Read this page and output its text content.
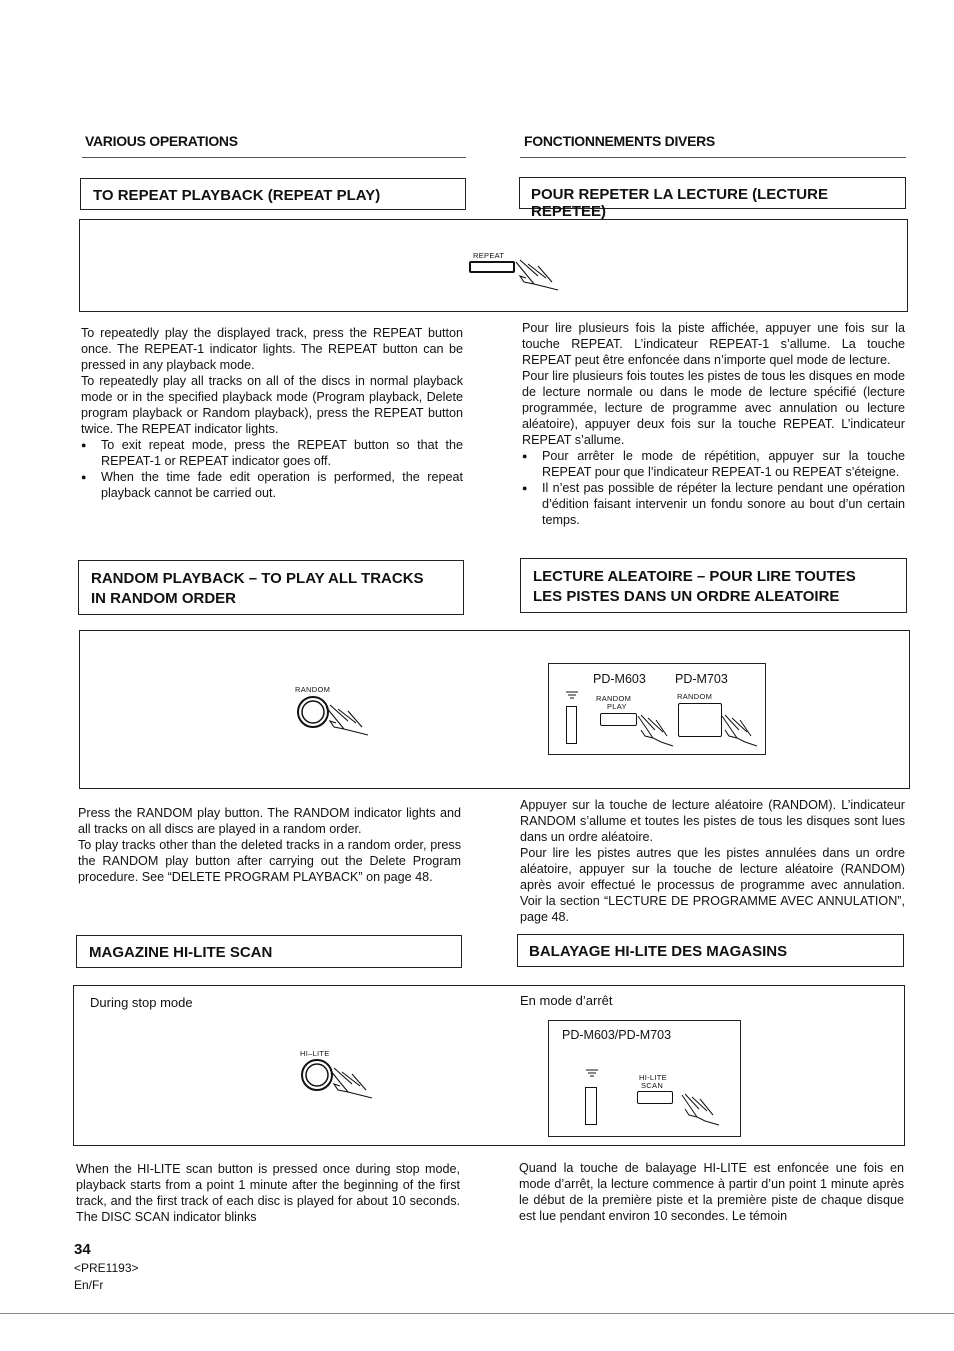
VARIOUS OPERATIONS	FONCTIONNEMENTS DIVERS
TO REPEAT PLAYBACK (REPEAT PLAY)	POUR REPETER LA LECTURE (LECTURE REPETEE)
REPEAT

To repeatedly play the displayed track, press the REPEAT button once. The REPEAT-1 indicator lights. The REPEAT button can be pressed in any playback mode.

To repeatedly play all tracks on all of the discs in normal playback mode or in the specified playback mode (Program playback, Delete program playback or Random playback), press the REPEAT button twice. The REPEAT indicator lights.

● To exit repeat mode, press the REPEAT button so that the REPEAT-1 or REPEAT indicator goes off.

● When the time fade edit operation is performed, the repeat playback cannot be carried out.

Pour lire plusieurs fois la piste affichée, appuyer une fois sur la touche REPEAT. L’indicateur REPEAT-1 s’allume. La touche REPEAT peut être enfoncée dans n’importe quel mode de lecture.

Pour lire plusieurs fois toutes les pistes de tous les disques en mode de lecture normale ou dans le mode de lecture spécifié (lecture programmée, lecture de programme avec annulation ou lecture aléatoire), appuyer deux fois sur la touche REPEAT. L’indicateur REPEAT s’allume.

● Pour arrêter le mode de répétition, appuyer sur la touche REPEAT pour que l’indicateur REPEAT-1 ou REPEAT s’éteigne.

● Il n’est pas possible de répéter la lecture pendant une opération d’édition faisant intervenir un fondu sonore au bout d’un certain temps.

RANDOM PLAYBACK – TO PLAY ALL TRACKS
IN RANDOM ORDER
LECTURE ALEATOIRE – POUR LIRE TOUTES
LES PISTES DANS UN ORDRE ALEATOIRE
RANDOM
PD-M603 PD-M703
RANDOM
PLAY
RANDOM

Press the RANDOM play button. The RANDOM indicator lights and all tracks on all discs are played in a random order.

To play tracks other than the deleted tracks in a random order, press the RANDOM play button after carrying out the Delete Program procedure. See “DELETE PROGRAM PLAYBACK” on page 48.

Appuyer sur la touche de lecture aléatoire (RANDOM). L’indicateur RANDOM s’allume et toutes les pistes de tous les disques sont lues dans un ordre aléatoire.

Pour lire les pistes autres que les pistes annulées dans un ordre aléatoire, appuyer sur la touche de lecture aléatoire (RANDOM) après avoir effectué le processus de programme avec annulation. Voir la section “LECTURE DE PROGRAMME AVEC ANNULATION”, page 48.

MAGAZINE HI-LITE SCAN	BALAYAGE HI-LITE DES MAGASINS
During stop mode	En mode d’arrêt
HI–LITE
PD-M603/PD-M703
HI-LITE
SCAN

When the HI-LITE scan button is pressed once during stop mode, playback starts from a point 1 minute after the beginning of the first track, and the first track of each disc is played for about 10 seconds. The DISC SCAN indicator blinks

Quand la touche de balayage HI-LITE est enfoncée une fois en mode d’arrêt, la lecture commence à partir d’un point 1 minute après le début de la première piste et la première piste de chaque disque est lue pendant environ 10 secondes. Le témoin

34
<PRE1193>
En/Fr
